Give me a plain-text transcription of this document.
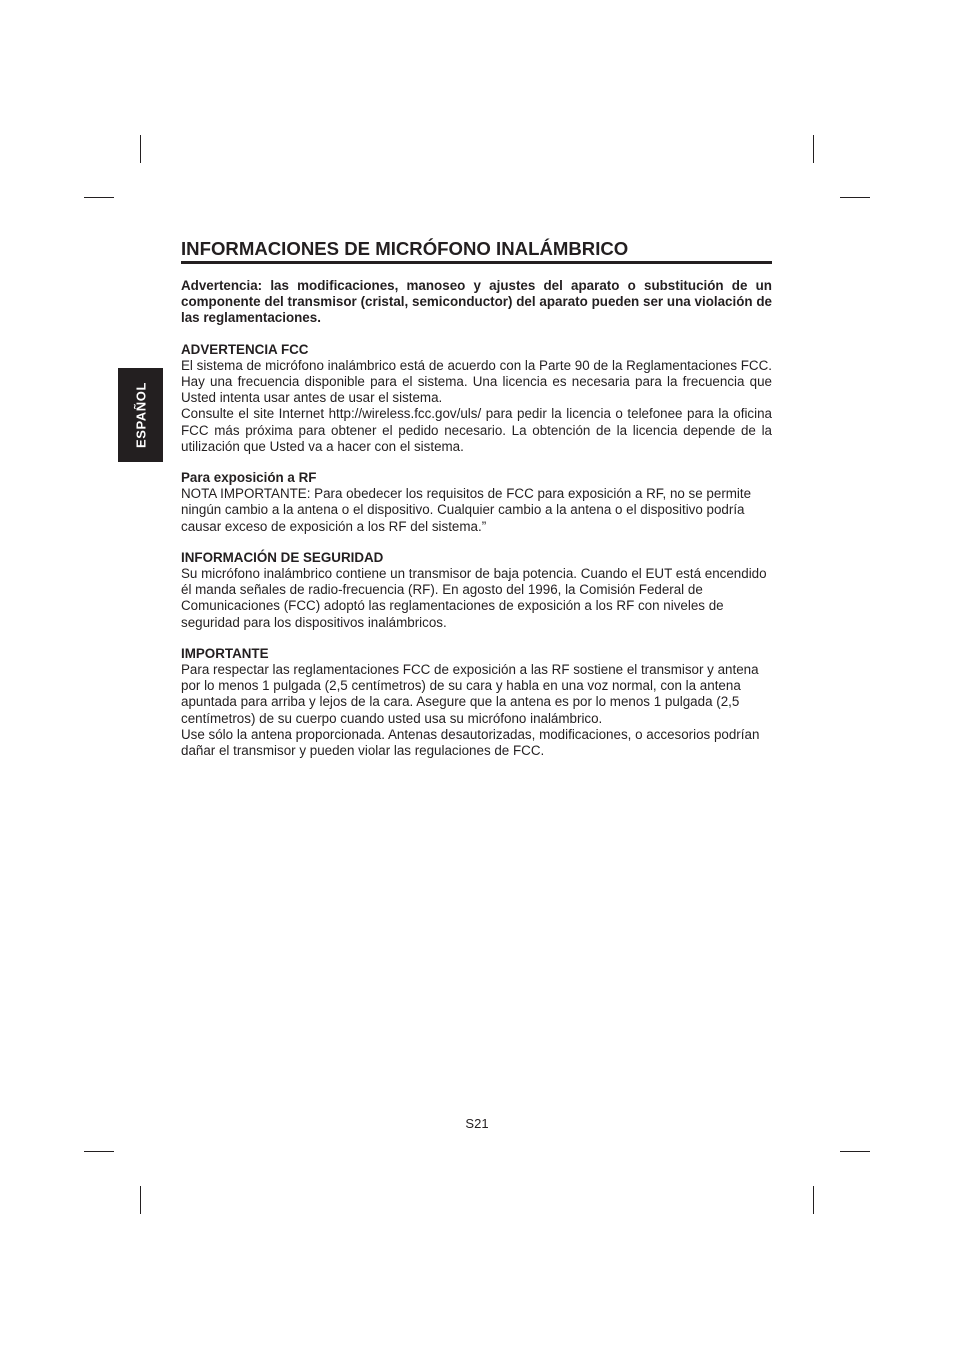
ESPAÑOL
INFORMACIONES DE MICRÓFONO INALÁMBRICO

Advertencia: las modificaciones, manoseo y ajustes del aparato o substitución de un componente del transmisor (cristal, semiconductor) del aparato pueden ser una violación de las reglamentaciones.

ADVERTENCIA FCC

El sistema de micrófono inalámbrico está de acuerdo con la Parte 90 de la Reglamentaciones FCC. Hay una frecuencia disponible para el sistema. Una licencia es necesaria para la frecuencia que Usted intenta usar antes de usar el sistema.

Consulte el site Internet http://wireless.fcc.gov/uls/ para pedir la licencia o telefonee para la oficina FCC más próxima para obtener el pedido necesario. La obtención de la licencia depende de la utilización que Usted va a hacer con el sistema.

Para exposición a RF

NOTA IMPORTANTE: Para obedecer los requisitos de FCC para exposición a RF, no se permite ningún cambio a la antena o el dispositivo. Cualquier cambio a la antena o el dispositivo podría causar exceso de exposición a los RF del sistema.”

INFORMACIÓN DE SEGURIDAD

Su micrófono inalámbrico contiene un transmisor de baja potencia. Cuando el EUT está encendido él manda señales de radio-frecuencia (RF). En agosto del 1996, la Comisión Federal de Comunicaciones (FCC) adoptó las reglamentaciones de exposición a los RF con niveles de seguridad para los dispositivos inalámbricos.

IMPORTANTE

Para respectar las reglamentaciones FCC de exposición a las RF sostiene el transmisor y antena por lo menos 1 pulgada (2,5 centímetros) de su cara y habla en una voz normal, con la antena apuntada para arriba y lejos de la cara. Asegure que la antena es por lo menos 1 pulgada (2,5 centímetros) de su cuerpo cuando usted usa su micrófono inalámbrico.

Use sólo la antena proporcionada. Antenas desautorizadas, modificaciones, o accesorios podrían dañar el transmisor y pueden violar las regulaciones de FCC.

S21
